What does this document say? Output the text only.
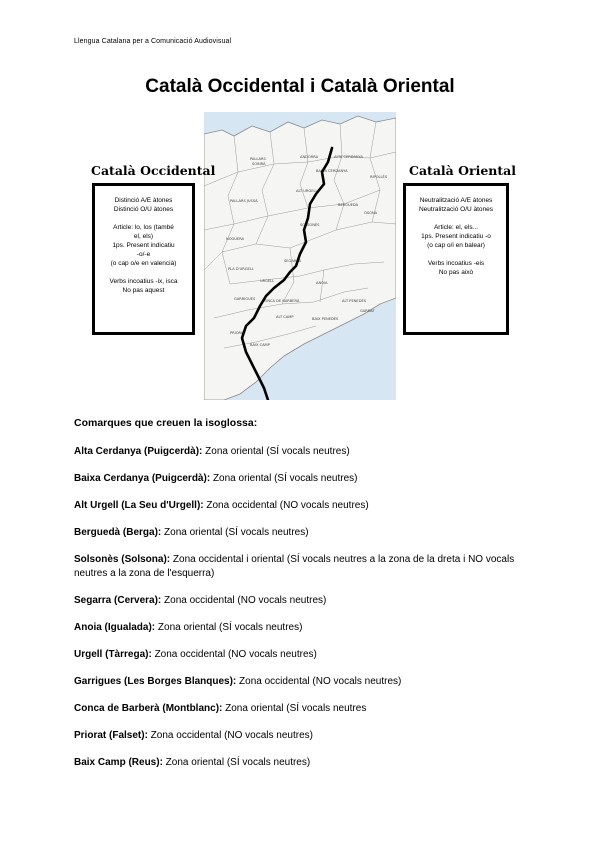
Llengua Catalana per a Comunicació Audiovisual
Català Occidental i Català Oriental
PALLARS
SOBIRÀ
ANDORRA	ALTA CERDANYA
BAIXA CERDANYA
ALT URGELL
PALLARS JUSSÀ
SOLSONÈS
BERGUEDÀ
NOGUERA
SEGARRA
ANOIA
URGELL
PLA D'URGELL
GARRIGUES CONCA DE BARBERÀ
PRIORAT
ALT CAMP
BAIX CAMP
BAIX PENEDÈS
ALT PENEDÈS
GARRAF
RIPOLLÈS
OSONA
Català Occidental
Distinció A/E àtones
Distinció O/U àtones
Article: lo, los (també
el, els)
1ps. Present indicatiu
-o/-e
(o cap o/e en valencià)
Verbs incoatius -ix, isca
No pas aquest
Català Oriental
Neutralització A/E àtones
Neutralització O/U àtones
Article: el, els...
1ps. Present indicatiu -o
(o cap o/i en balear)
Verbs incoatius -eis
No pas això
Comarques que creuen la isoglossa:
Alta Cerdanya (Puigcerdà): Zona oriental (SÍ vocals neutres)
Baixa Cerdanya (Puigcerdà): Zona oriental (SÍ vocals neutres)
Alt Urgell (La Seu d'Urgell): Zona occidental (NO vocals neutres)
Berguedà (Berga): Zona oriental (SÍ vocals neutres)
Solsonès (Solsona): Zona occidental i oriental (SÍ vocals neutres a la zona de la dreta i NO vocals neutres a la zona de l'esquerra)
Segarra (Cervera): Zona occidental (NO vocals neutres)
Anoia (Igualada): Zona oriental (SÍ vocals neutres)
Urgell (Tàrrega): Zona occidental (NO vocals neutres)
Garrigues (Les Borges Blanques): Zona occidental (NO vocals neutres)
Conca de Barberà (Montblanc): Zona oriental (SÍ vocals neutres
Priorat (Falset): Zona occidental (NO vocals neutres)
Baix Camp (Reus): Zona oriental (SÍ vocals neutres)
